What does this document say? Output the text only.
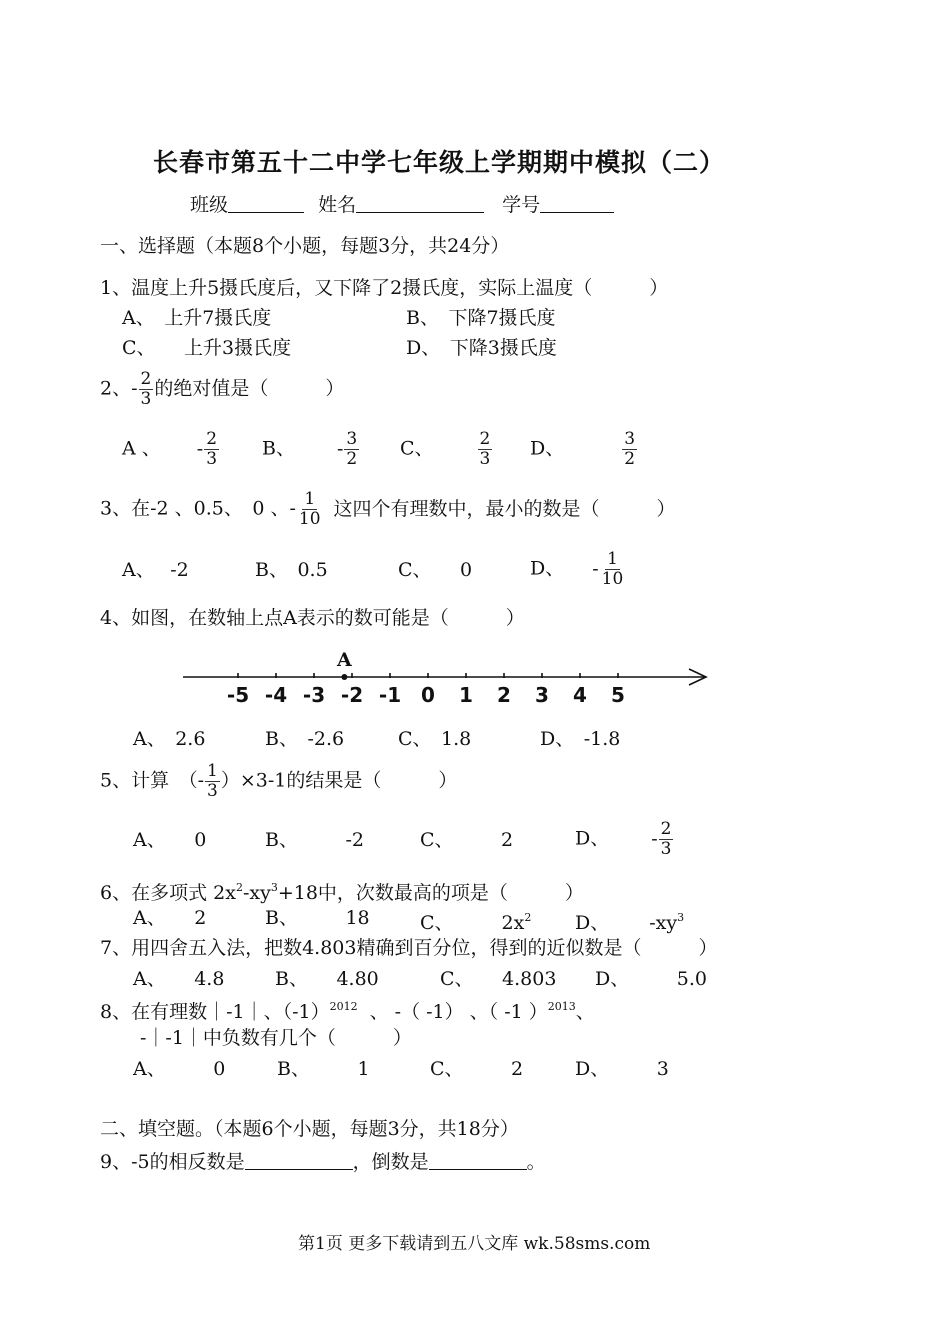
长春市第五十二中学七年级上学期期中模拟（二）
班级	姓名	学号
一、选择题（本题8个小题，每题3分，共24分）
1、温度上升5摄氏度后，又下降了2摄氏度，实际上温度（　　　）
A、　上升7摄氏度	B、　下降7摄氏度
C、　　上升3摄氏度	D、　下降3摄氏度
2、- $\frac{2}{3}$ 的绝对值是（　　　）
A 、 - $\frac{2}{3}$ B、 - $\frac{3}{2}$ C、	$\frac{2}{3}$ D、	$\frac{3}{2}$
3、在-2 、0.5、　0 、- $\frac{1}{10}$ 这四个有理数中，最小的数是（　　　）
A、　 -2	B、　0.5	C、　　0	D、 - $\frac{1}{10}$
4、如图，在数轴上点A表示的数可能是（　　　）
-5 -4 -3 -2 -1 0 1 2 3 4 5
A
A、　2.6	B、　-2.6	C、　1.8	D、　-1.8
5、计算　（- $\frac{1}{3} )\times 3-1$的结果是（　　　）
A、　　0	B、　　　-2	C、　　　2	D、 - $\frac{2}{3}$
6、在多项式 $2x^2-xy^3+18$中，次数最高的项是（　　　）
A、　　2	B、　　　18	C、	$2x^2$ D、 $-xy^3$
7、用四舍五入法，把数4.803精确到百分位，得到的近似数是（　　　）
A、　　4.8	B、　　4.80	C、　　4.803 D、　　　5.0
8、在有理数｜-1｜、$(-1)^{2012}$ 、 -（ -1） 、（ -1 ）$^{2013}$、
-｜-1｜中负数有几个（　　　）
A、　　　0	B、　　　1	C、　　　2	D、　　　3
二、填空题。（本题6个小题，每题3分，共18分）
9、-5的相反数是	，倒数是	。
第1页 更多下载请到五八文库 wk.58sms.com
